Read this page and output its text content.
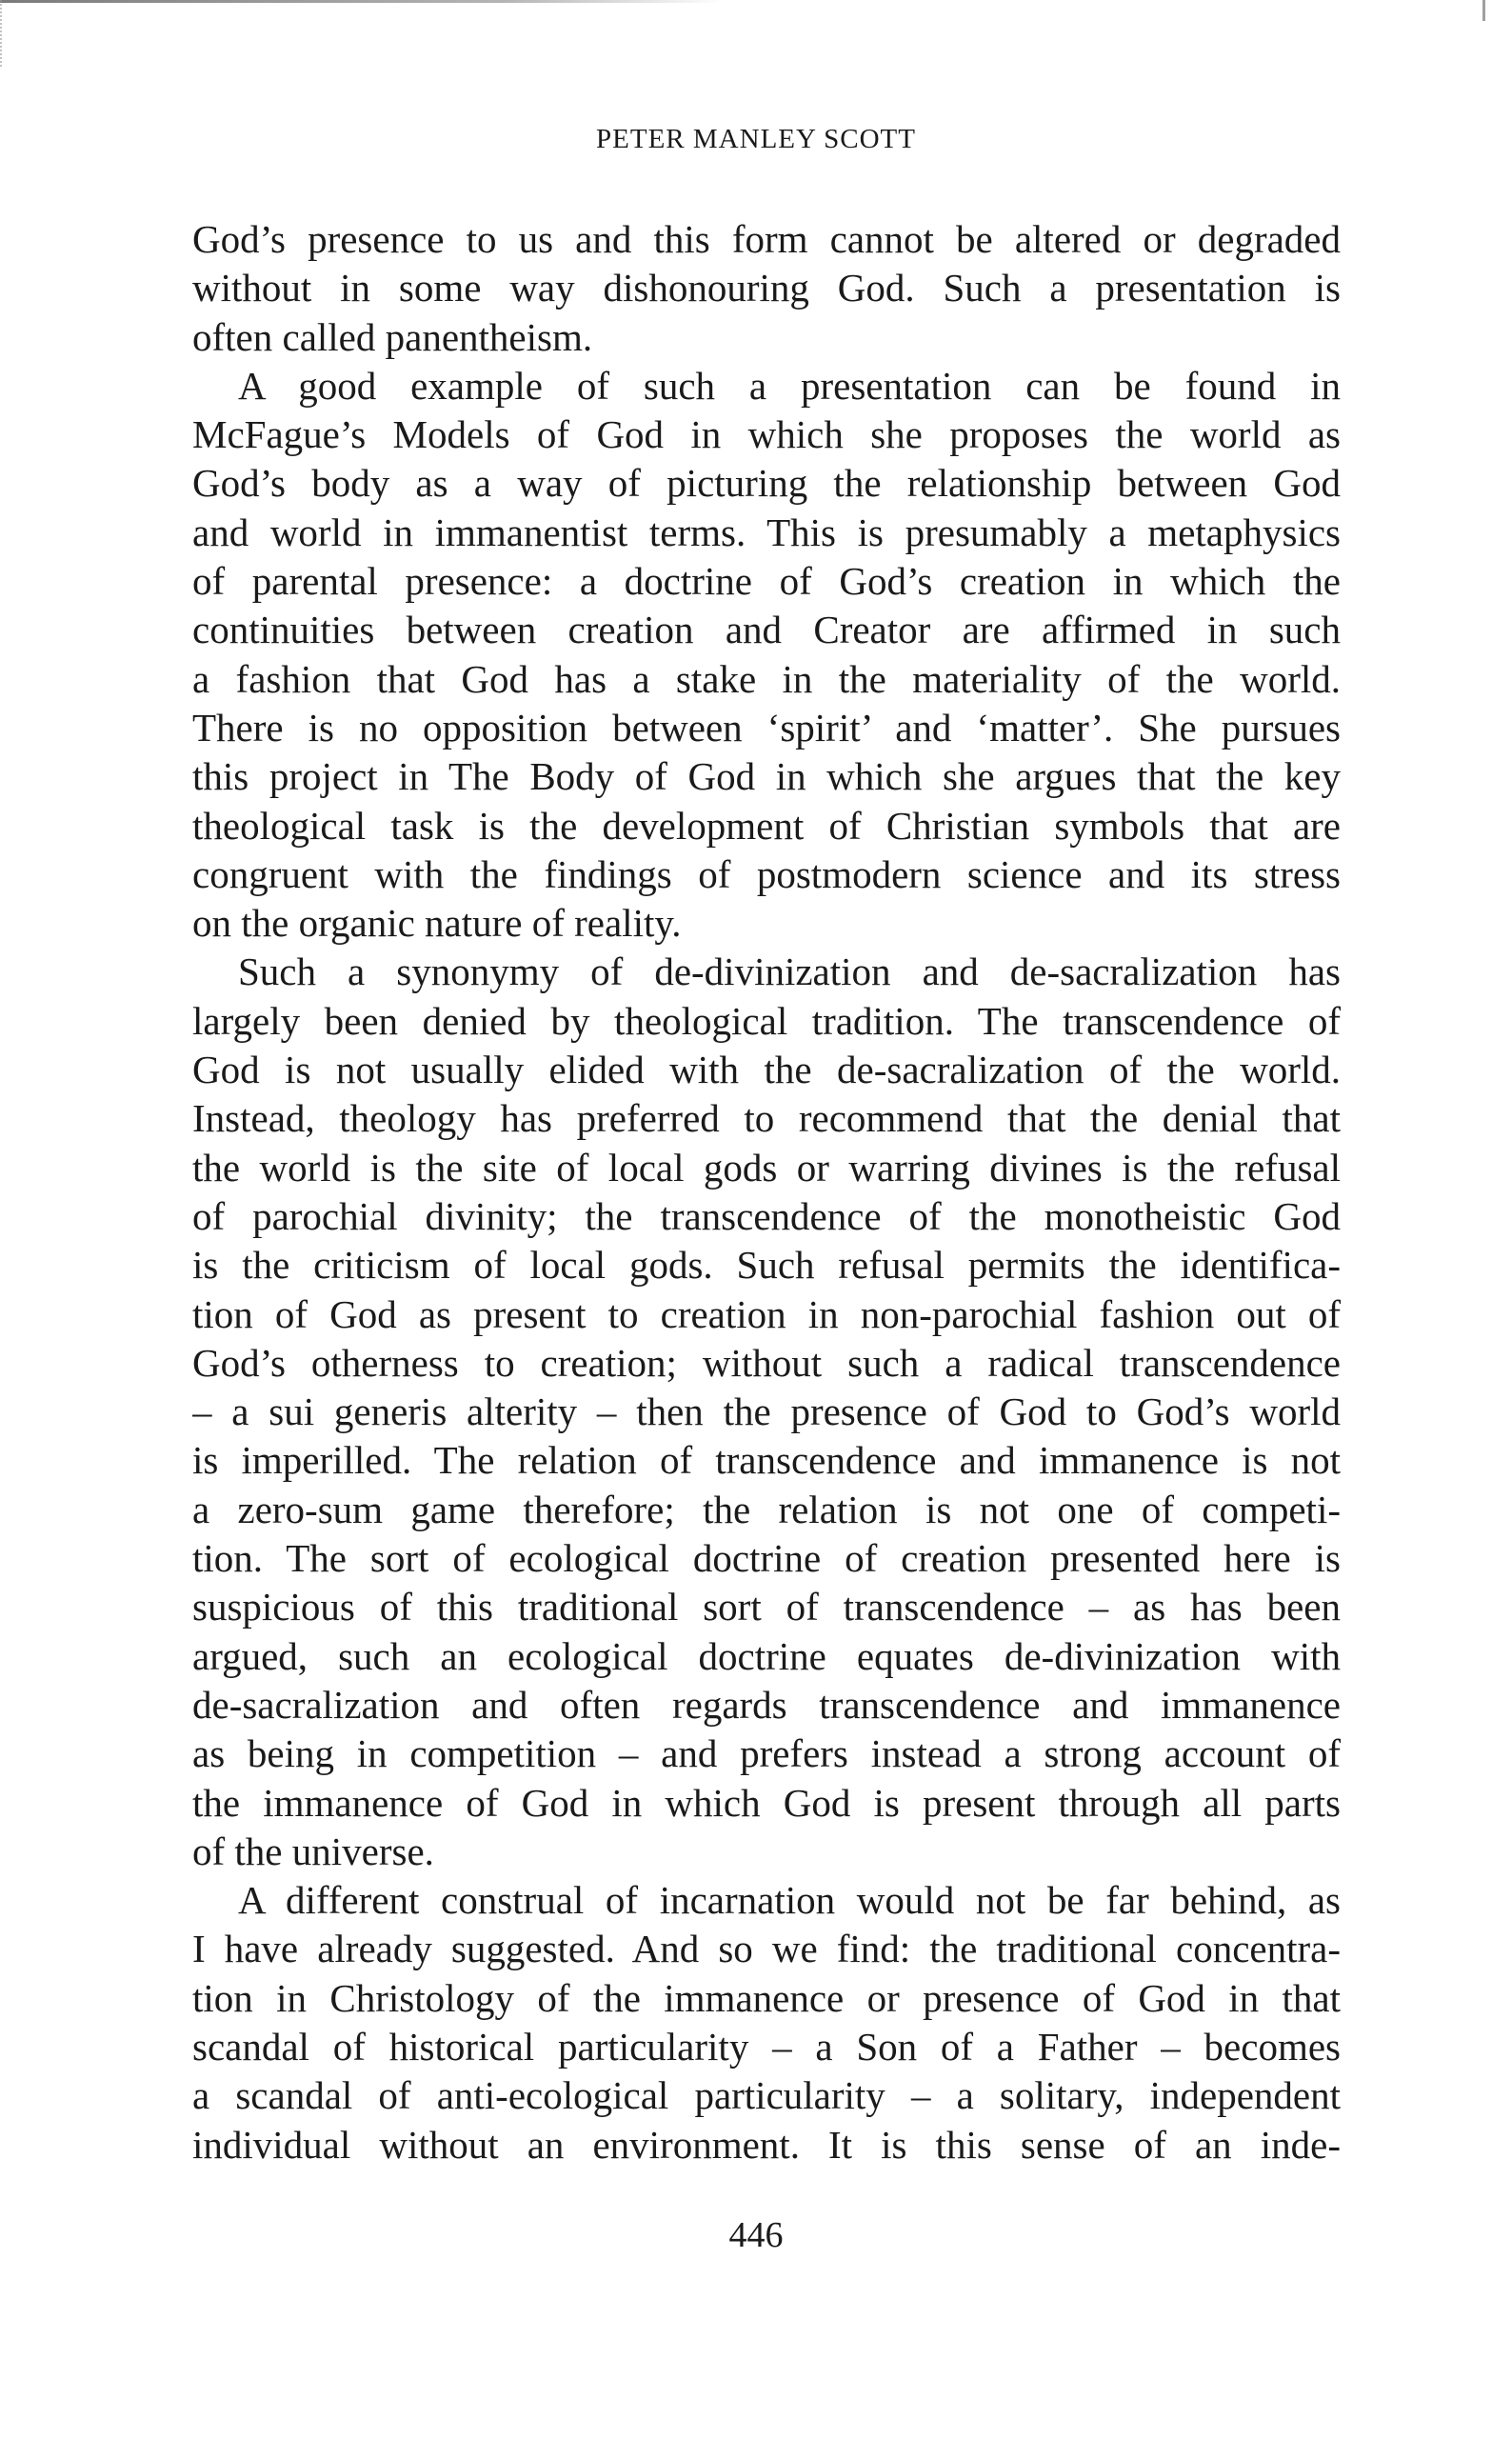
PETER MANLEY SCOTT
God’s presence to us and this form cannot be altered or degraded
without in some way dishonouring God. Such a presentation is
often called panentheism.
A good example of such a presentation can be found in
McFague’s Models of God in which she proposes the world as
God’s body as a way of picturing the relationship between God
and world in immanentist terms. This is presumably a metaphysics
of parental presence: a doctrine of God’s creation in which the
continuities between creation and Creator are affirmed in such
a fashion that God has a stake in the materiality of the world.
There is no opposition between ‘spirit’ and ‘matter’. She pursues
this project in The Body of God in which she argues that the key
theological task is the development of Christian symbols that are
congruent with the findings of postmodern science and its stress
on the organic nature of reality.
Such a synonymy of de-divinization and de-sacralization has
largely been denied by theological tradition. The transcendence of
God is not usually elided with the de-sacralization of the world.
Instead, theology has preferred to recommend that the denial that
the world is the site of local gods or warring divines is the refusal
of parochial divinity; the transcendence of the monotheistic God
is the criticism of local gods. Such refusal permits the identifica-
tion of God as present to creation in non-parochial fashion out of
God’s otherness to creation; without such a radical transcendence
– a sui generis alterity – then the presence of God to God’s world
is imperilled. The relation of transcendence and immanence is not
a zero-sum game therefore; the relation is not one of competi-
tion. The sort of ecological doctrine of creation presented here is
suspicious of this traditional sort of transcendence – as has been
argued, such an ecological doctrine equates de-divinization with
de-sacralization and often regards transcendence and immanence
as being in competition – and prefers instead a strong account of
the immanence of God in which God is present through all parts
of the universe.
A different construal of incarnation would not be far behind, as
I have already suggested. And so we find: the traditional concentra-
tion in Christology of the immanence or presence of God in that
scandal of historical particularity – a Son of a Father – becomes
a scandal of anti-ecological particularity – a solitary, independent
individual without an environment. It is this sense of an inde-
446
